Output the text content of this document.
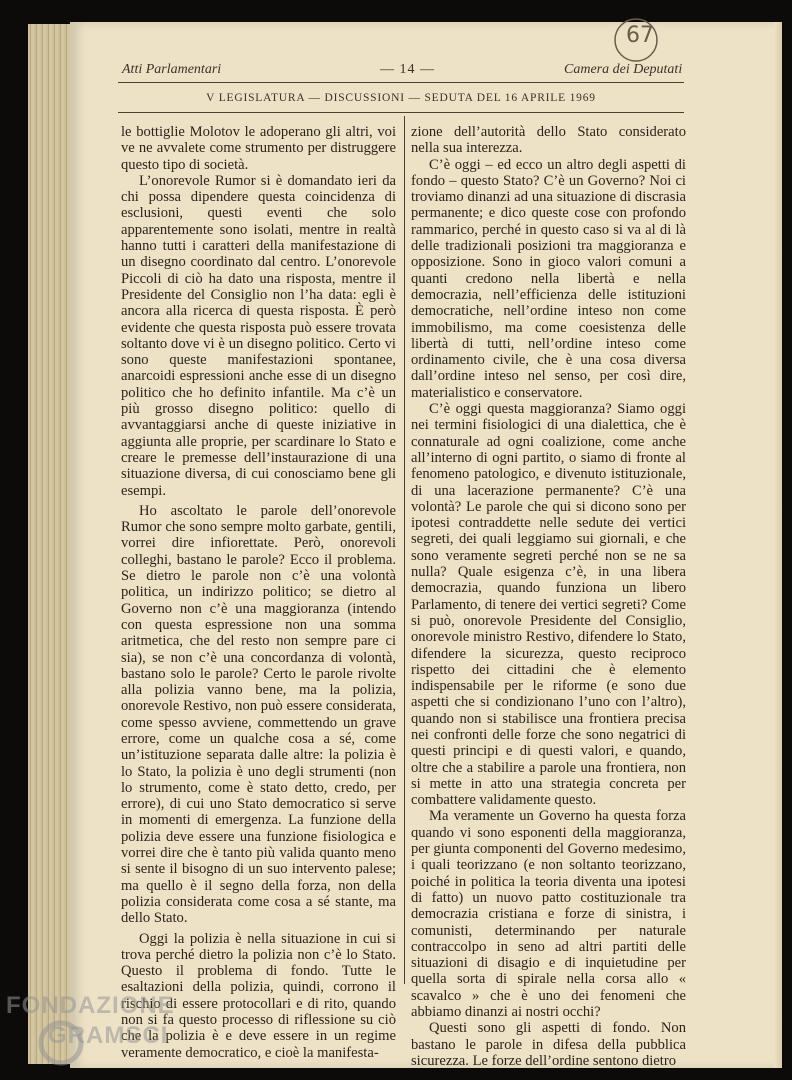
67
Atti Parlamentari	— 14 —	Camera dei Deputati
V LEGISLATURA — DISCUSSIONI — SEDUTA DEL 16 APRILE 1969

le bottiglie Molotov le adoperano gli altri, voi ve ne avvalete come strumento per distruggere questo tipo di società.

L’onorevole Rumor si è domandato ieri da chi possa dipendere questa coincidenza di esclusioni, questi eventi che solo apparentemente sono isolati, mentre in realtà hanno tutti i caratteri della manifestazione di un disegno coordinato dal centro. L’onorevole Piccoli di ciò ha dato una risposta, mentre il Presidente del Consiglio non l’ha data: egli è ancora alla ricerca di questa risposta. È però evidente che questa risposta può essere trovata soltanto dove vi è un disegno politico. Certo vi sono queste manifestazioni spontanee, anarcoidi espressioni anche esse di un disegno politico che ho definito infantile. Ma c’è un più grosso disegno politico: quello di avvantaggiarsi anche di queste iniziative in aggiunta alle proprie, per scardinare lo Stato e creare le premesse dell’instaurazione di una situazione diversa, di cui conosciamo bene gli esempi.

Ho ascoltato le parole dell’onorevole Rumor che sono sempre molto garbate, gentili, vorrei dire infiorettate. Però, onorevoli colleghi, bastano le parole? Ecco il problema. Se dietro le parole non c’è una volontà politica, un indirizzo politico; se dietro al Governo non c’è una maggioranza (intendo con questa espressione non una somma aritmetica, che del resto non sempre pare ci sia), se non c’è una concordanza di volontà, bastano solo le parole? Certo le parole rivolte alla polizia vanno bene, ma la polizia, onorevole Restivo, non può essere considerata, come spesso avviene, commettendo un grave errore, come un qualche cosa a sé, come un’istituzione separata dalle altre: la polizia è lo Stato, la polizia è uno degli strumenti (non lo strumento, come è stato detto, credo, per errore), di cui uno Stato democratico si serve in momenti di emergenza. La funzione della polizia deve essere una funzione fisiologica e vorrei dire che è tanto più valida quanto meno si sente il bisogno di un suo intervento palese; ma quello è il segno della forza, non della polizia considerata come cosa a sé stante, ma dello Stato.

Oggi la polizia è nella situazione in cui si trova perché dietro la polizia non c’è lo Stato. Questo il problema di fondo. Tutte le esaltazioni della polizia, quindi, corrono il rischio di essere protocollari e di rito, quando non si fa questo processo di riflessione su ciò che la polizia è e deve essere in un regime veramente democratico, e cioè la manifesta-

zione dell’autorità dello Stato considerato nella sua interezza.

C’è oggi – ed ecco un altro degli aspetti di fondo – questo Stato? C’è un Governo? Noi ci troviamo dinanzi ad una situazione di discrasia permanente; e dico queste cose con profondo rammarico, perché in questo caso si va al di là delle tradizionali posizioni tra maggioranza e opposizione. Sono in gioco valori comuni a quanti credono nella libertà e nella democrazia, nell’efficienza delle istituzioni democratiche, nell’ordine inteso non come immobilismo, ma come coesistenza delle libertà di tutti, nell’ordine inteso come ordinamento civile, che è una cosa diversa dall’ordine inteso nel senso, per così dire, materialistico e conservatore.

C’è oggi questa maggioranza? Siamo oggi nei termini fisiologici di una dialettica, che è connaturale ad ogni coalizione, come anche all’interno di ogni partito, o siamo di fronte al fenomeno patologico, e divenuto istituzionale, di una lacerazione permanente? C’è una volontà? Le parole che qui si dicono sono per ipotesi contraddette nelle sedute dei vertici segreti, dei quali leggiamo sui giornali, e che sono veramente segreti perché non se ne sa nulla? Quale esigenza c’è, in una libera democrazia, quando funziona un libero Parlamento, di tenere dei vertici segreti? Come si può, onorevole Presidente del Consiglio, onorevole ministro Restivo, difendere lo Stato, difendere la sicurezza, questo reciproco rispetto dei cittadini che è elemento indispensabile per le riforme (e sono due aspetti che si condizionano l’uno con l’altro), quando non si stabilisce una frontiera precisa nei confronti delle forze che sono negatrici di questi principi e di questi valori, e quando, oltre che a stabilire a parole una frontiera, non si mette in atto una strategia concreta per combattere validamente questo.

Ma veramente un Governo ha questa forza quando vi sono esponenti della maggioranza, per giunta componenti del Governo medesimo, i quali teorizzano (e non soltanto teorizzano, poiché in politica la teoria diventa una ipotesi di fatto) un nuovo patto costituzionale tra democrazia cristiana e forze di sinistra, i comunisti, determinando per naturale contraccolpo in seno ad altri partiti delle situazioni di disagio e di inquietudine per quella sorta di spirale nella corsa allo « scavalco » che è uno dei fenomeni che abbiamo dinanzi ai nostri occhi?

Questi sono gli aspetti di fondo. Non bastano le parole in difesa della pubblica sicurezza. Le forze dell’ordine sentono dietro

FONDAZIONE
GRAMSCI
